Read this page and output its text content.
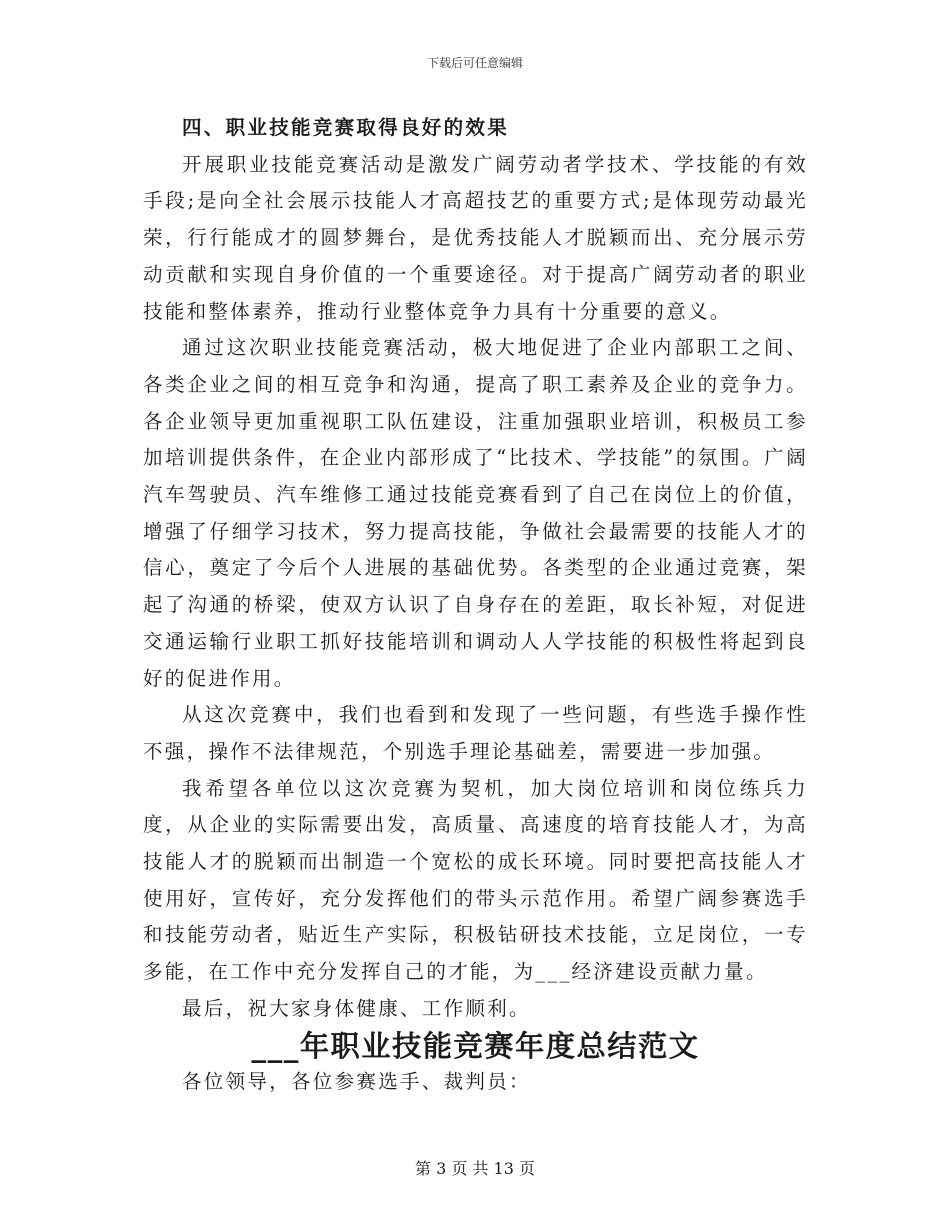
下载后可任意编辑
四、职业技能竞赛取得良好的效果

开展职业技能竞赛活动是激发广阔劳动者学技术、学技能的有效手段;是向全社会展示技能人才高超技艺的重要方式;是体现劳动最光荣，行行能成才的圆梦舞台，是优秀技能人才脱颖而出、充分展示劳动贡献和实现自身价值的一个重要途径。对于提高广阔劳动者的职业技能和整体素养，推动行业整体竞争力具有十分重要的意义。

通过这次职业技能竞赛活动，极大地促进了企业内部职工之间、各类企业之间的相互竞争和沟通，提高了职工素养及企业的竞争力。各企业领导更加重视职工队伍建设，注重加强职业培训，积极员工参加培训提供条件，在企业内部形成了“比技术、学技能”的氛围。广阔汽车驾驶员、汽车维修工通过技能竞赛看到了自己在岗位上的价值，增强了仔细学习技术，努力提高技能，争做社会最需要的技能人才的信心，奠定了今后个人进展的基础优势。各类型的企业通过竞赛，架起了沟通的桥梁，使双方认识了自身存在的差距，取长补短，对促进交通运输行业职工抓好技能培训和调动人人学技能的积极性将起到良好的促进作用。

从这次竞赛中，我们也看到和发现了一些问题，有些选手操作性不强，操作不法律规范，个别选手理论基础差，需要进一步加强。

我希望各单位以这次竞赛为契机，加大岗位培训和岗位练兵力度，从企业的实际需要出发，高质量、高速度的培育技能人才，为高技能人才的脱颖而出制造一个宽松的成长环境。同时要把高技能人才使用好，宣传好，充分发挥他们的带头示范作用。希望广阔参赛选手和技能劳动者，贴近生产实际，积极钻研技术技能，立足岗位，一专多能，在工作中充分发挥自己的才能，为___经济建设贡献力量。

最后，祝大家身体健康、工作顺利。

___年职业技能竞赛年度总结范文

各位领导，各位参赛选手、裁判员：

第 3 页 共 13 页
